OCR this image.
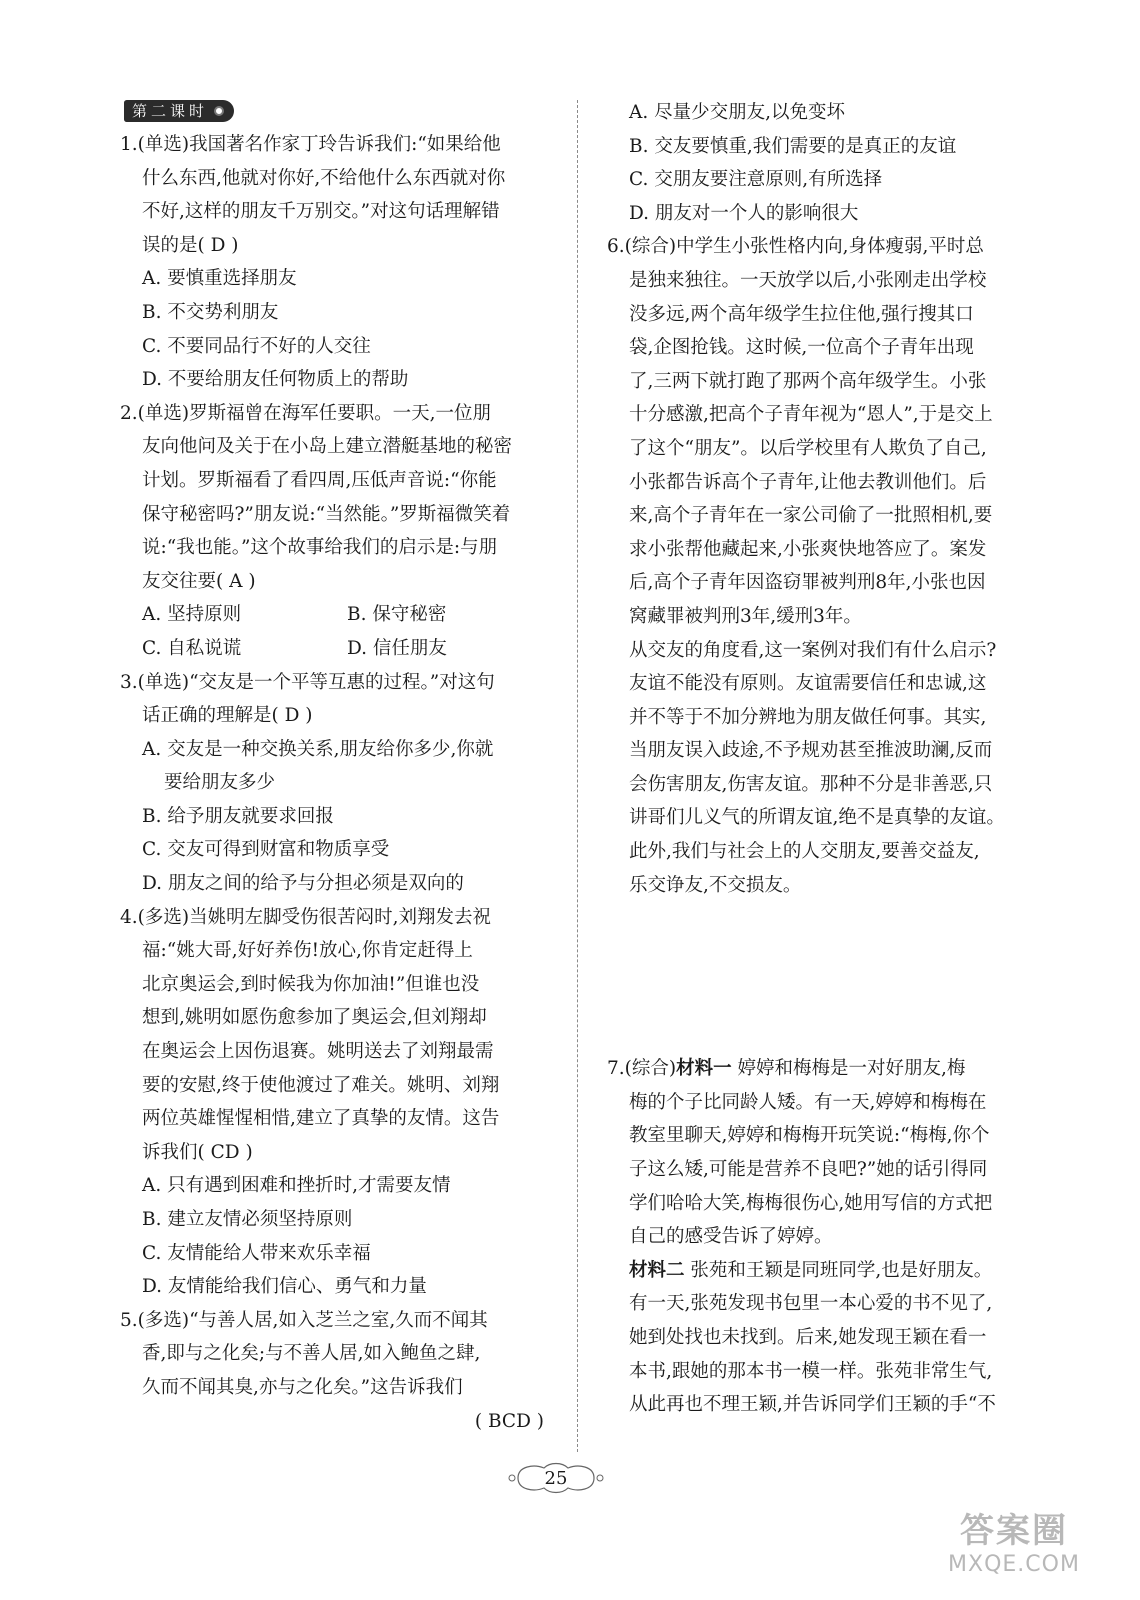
第二课时
1.(单选)我国著名作家丁玲告诉我们:“如果给他
什么东西,他就对你好,不给他什么东西就对你
不好,这样的朋友千万别交。”对这句话理解错
误的是( D )
A. 要慎重选择朋友
B. 不交势利朋友
C. 不要同品行不好的人交往
D. 不要给朋友任何物质上的帮助
2.(单选)罗斯福曾在海军任要职。一天,一位朋
友向他问及关于在小岛上建立潜艇基地的秘密
计划。罗斯福看了看四周,压低声音说:“你能
保守秘密吗?”朋友说:“当然能。”罗斯福微笑着
说:“我也能。”这个故事给我们的启示是:与朋
友交往要( A )
A. 坚持原则	B. 保守秘密
C. 自私说谎	D. 信任朋友
3.(单选)“交友是一个平等互惠的过程。”对这句
话正确的理解是( D )
A. 交友是一种交换关系,朋友给你多少,你就
要给朋友多少
B. 给予朋友就要求回报
C. 交友可得到财富和物质享受
D. 朋友之间的给予与分担必须是双向的
4.(多选)当姚明左脚受伤很苦闷时,刘翔发去祝
福:“姚大哥,好好养伤!放心,你肯定赶得上
北京奥运会,到时候我为你加油!”但谁也没
想到,姚明如愿伤愈参加了奥运会,但刘翔却
在奥运会上因伤退赛。姚明送去了刘翔最需
要的安慰,终于使他渡过了难关。姚明、刘翔
两位英雄惺惺相惜,建立了真挚的友情。这告
诉我们( CD )
A. 只有遇到困难和挫折时,才需要友情
B. 建立友情必须坚持原则
C. 友情能给人带来欢乐幸福
D. 友情能给我们信心、勇气和力量
5.(多选)“与善人居,如入芝兰之室,久而不闻其
香,即与之化矣;与不善人居,如入鲍鱼之肆,
久而不闻其臭,亦与之化矣。”这告诉我们
( BCD )
A. 尽量少交朋友,以免变坏
B. 交友要慎重,我们需要的是真正的友谊
C. 交朋友要注意原则,有所选择
D. 朋友对一个人的影响很大
6.(综合)中学生小张性格内向,身体瘦弱,平时总
是独来独往。一天放学以后,小张刚走出学校
没多远,两个高年级学生拉住他,强行搜其口
袋,企图抢钱。这时候,一位高个子青年出现
了,三两下就打跑了那两个高年级学生。小张
十分感激,把高个子青年视为“恩人”,于是交上
了这个“朋友”。以后学校里有人欺负了自己,
小张都告诉高个子青年,让他去教训他们。后
来,高个子青年在一家公司偷了一批照相机,要
求小张帮他藏起来,小张爽快地答应了。案发
后,高个子青年因盗窃罪被判刑8年,小张也因
窝藏罪被判刑3年,缓刑3年。
从交友的角度看,这一案例对我们有什么启示?
友谊不能没有原则。友谊需要信任和忠诚,这
并不等于不加分辨地为朋友做任何事。其实,
当朋友误入歧途,不予规劝甚至推波助澜,反而
会伤害朋友,伤害友谊。那种不分是非善恶,只
讲哥们儿义气的所谓友谊,绝不是真挚的友谊。
此外,我们与社会上的人交朋友,要善交益友,
乐交诤友,不交损友。
7.(综合)材料一 婷婷和梅梅是一对好朋友,梅
梅的个子比同龄人矮。有一天,婷婷和梅梅在
教室里聊天,婷婷和梅梅开玩笑说:“梅梅,你个
子这么矮,可能是营养不良吧?”她的话引得同
学们哈哈大笑,梅梅很伤心,她用写信的方式把
自己的感受告诉了婷婷。
材料二 张苑和王颖是同班同学,也是好朋友。
有一天,张苑发现书包里一本心爱的书不见了,
她到处找也未找到。后来,她发现王颖在看一
本书,跟她的那本书一模一样。张苑非常生气,
从此再也不理王颖,并告诉同学们王颖的手“不
25
答案圈
MXQE.COM
